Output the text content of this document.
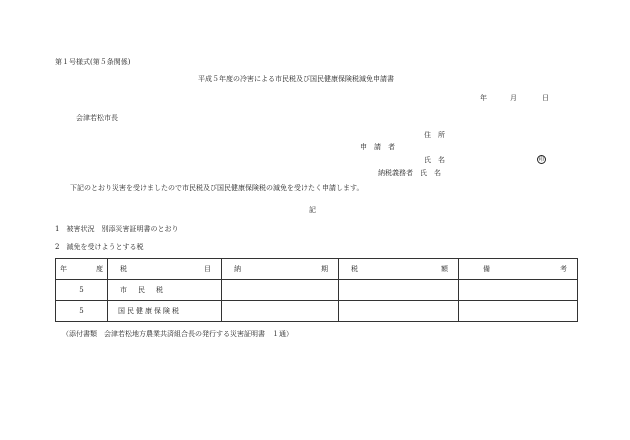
第１号様式(第５条関係)
平成５年度の冷害による市民税及び国民健康保険税減免申請書
年	月	日
会津若松市長
住　所
申　請　者
氏　名	印
納税義務者　氏　名
下記のとおり災害を受けましたので市民税及び国民健康保険税の減免を受けたく申請します。
記
1　被害状況　別添災害証明書のとおり
2　減免を受けようとする税
年 度	税 目	納 期	税 額	備 考

5	市　民　税			
5	国民健康保険税			
（添付書類　会津若松地方農業共済組合長の発行する災害証明書　１通）
